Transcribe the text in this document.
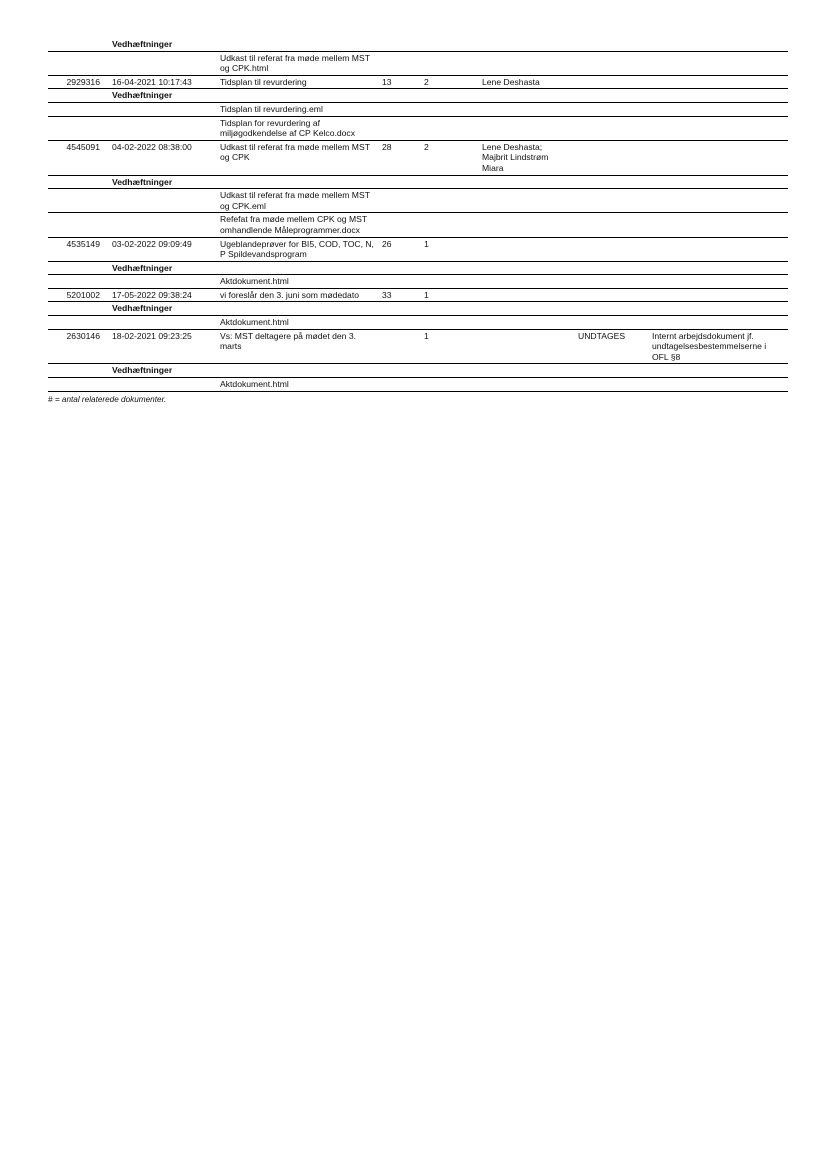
	Vedhæftninger						
		Udkast til referat fra møde mellem MST og CPK.html					
2929316	16-04-2021 10:17:43	Tidsplan til revurdering	13	2	Lene Deshasta		
	Vedhæftninger						
		Tidsplan til revurdering.eml					
		Tidsplan for revurdering af miljøgodkendelse af CP Kelco.docx					
4545091	04-02-2022 08:38:00	Udkast til referat fra møde mellem MST og CPK	28	2	Lene Deshasta; Majbrit Lindstrøm Miara		
	Vedhæftninger						
		Udkast til referat fra møde mellem MST og CPK.eml					
		Refefat fra møde mellem CPK og MST omhandlende Måleprogrammer.docx					
4535149	03-02-2022 09:09:49	Ugeblandeprøver for BI5, COD, TOC, N, P Spildevandsprogram	26	1			
	Vedhæftninger						
		Aktdokument.html					
5201002	17-05-2022 09:38:24	vi foreslår den 3. juni som mødedato	33	1			
	Vedhæftninger						
		Aktdokument.html					
2630146	18-02-2021 09:23:25	Vs: MST deltagere på mødet den 3. marts		1		UNDTAGES	Internt arbejdsdokument jf. undtagelsesbestemmelserne i OFL §8
	Vedhæftninger						
		Aktdokument.html					
# = antal relaterede dokumenter.
